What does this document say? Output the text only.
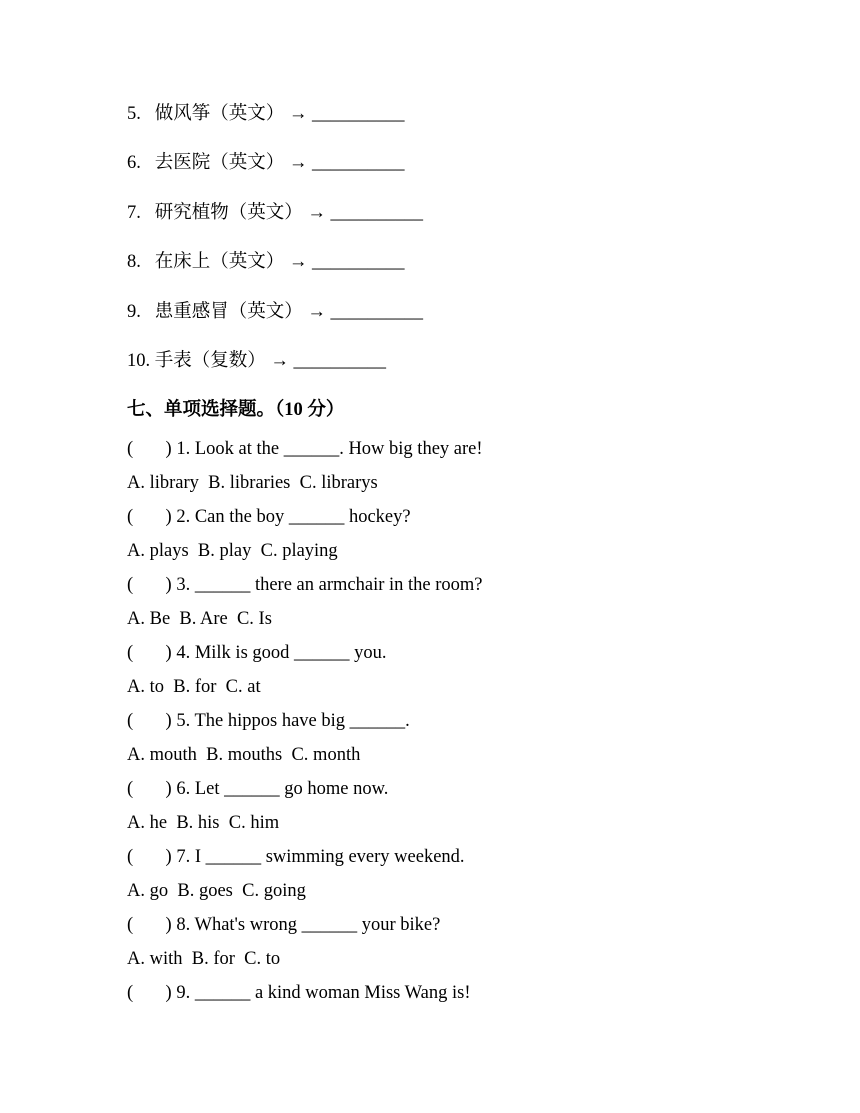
5.   做风筝（英文） → __________
6.   去医院（英文） → __________
7.   研究植物（英文） → __________
8.   在床上（英文） → __________
9.   患重感冒（英文） → __________
10. 手表（复数） → __________
七、单项选择题。（10 分）
(       ) 1. Look at the ______. How big they are!
A. library  B. libraries  C. librarys
(       ) 2. Can the boy ______ hockey?
A. plays  B. play  C. playing
(       ) 3. ______ there an armchair in the room?
A. Be  B. Are  C. Is
(       ) 4. Milk is good ______ you.
A. to  B. for  C. at
(       ) 5. The hippos have big ______.
A. mouth  B. mouths  C. month
(       ) 6. Let ______ go home now.
A. he  B. his  C. him
(       ) 7. I ______ swimming every weekend.
A. go  B. goes  C. going
(       ) 8. What's wrong ______ your bike?
A. with  B. for  C. to
(       ) 9. ______ a kind woman Miss Wang is!
